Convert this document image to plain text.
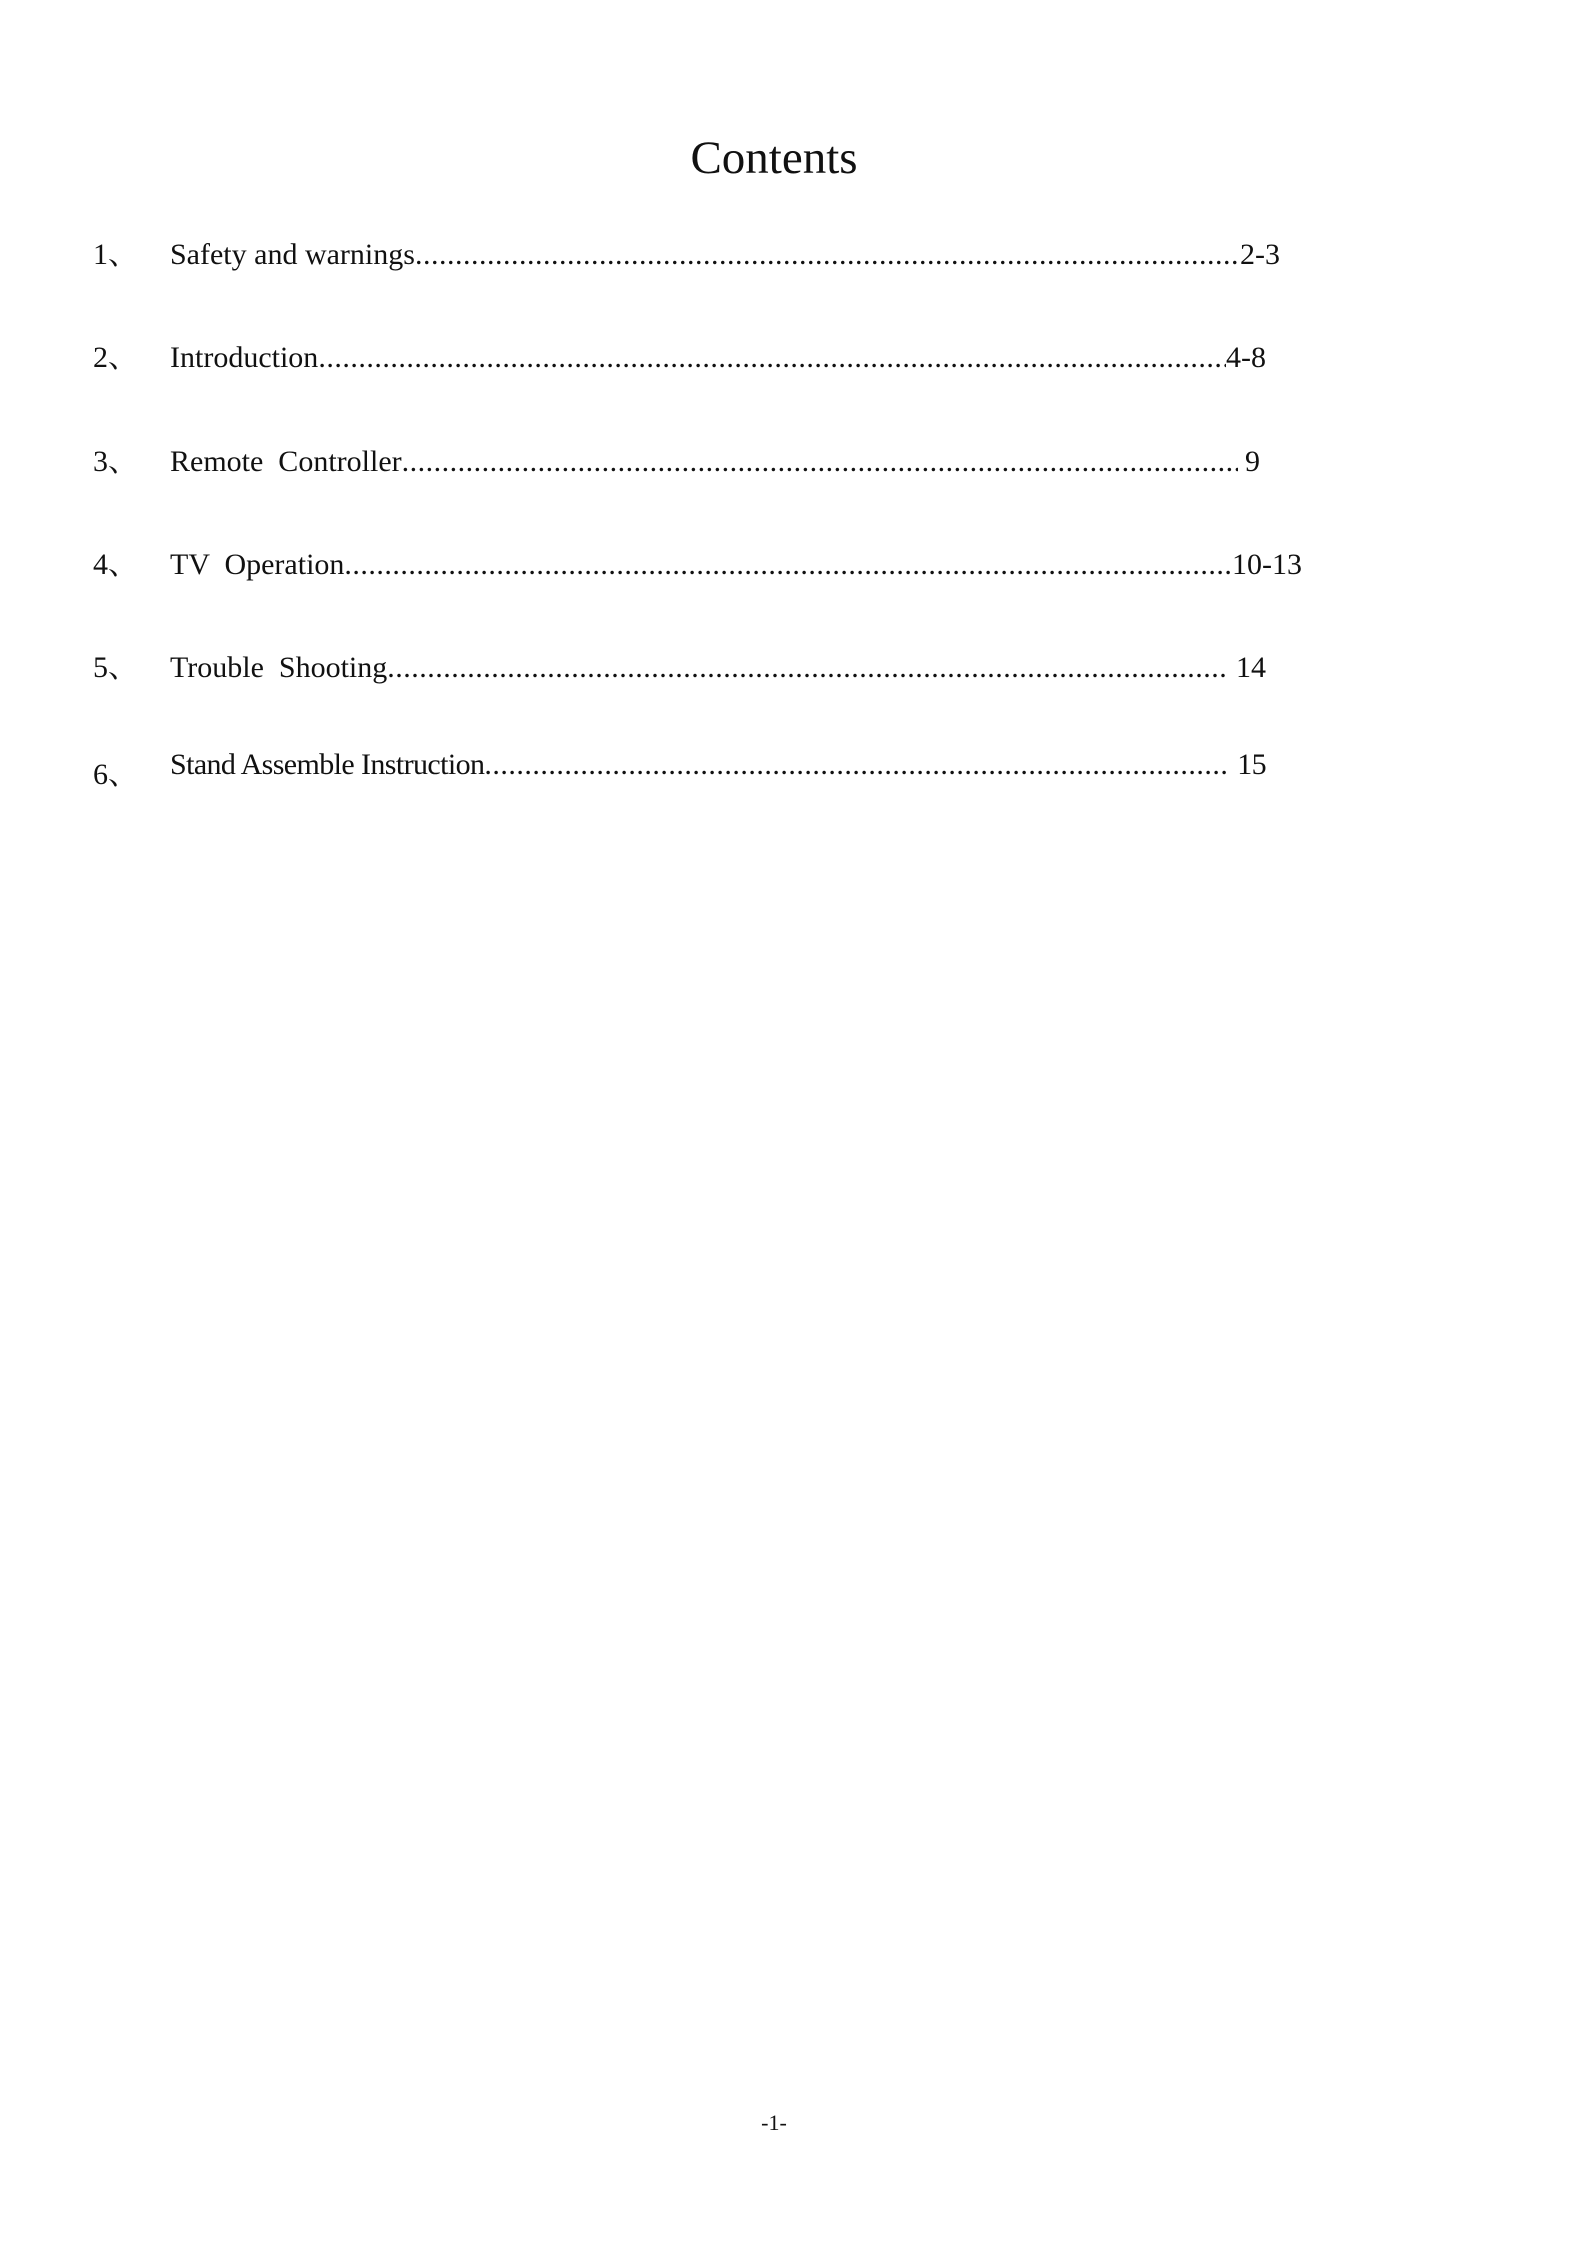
Contents
1、 Safety and warnings .....	2-3
2、 Introduction .....	4-8
3、 Remote  Controller .....	9
4、 TV  Operation .....	10-13
5、 Trouble  Shooting .....	14
6、 Stand Assemble Instruction .....	15
-1-
